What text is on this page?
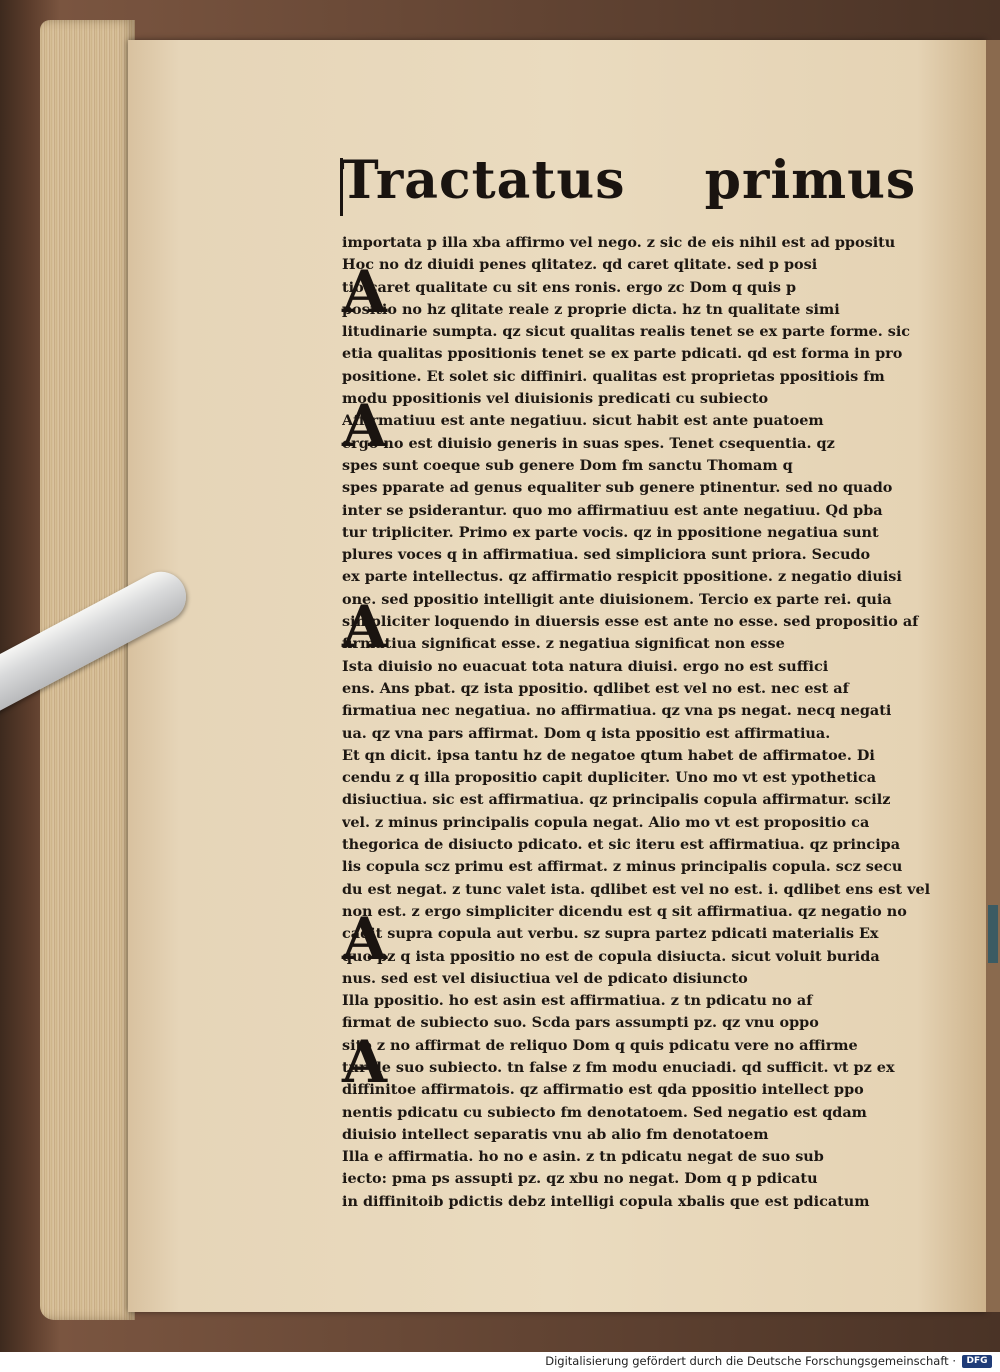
Tractatus primus
importata p illa xba affirmo vel nego. z sic de eis nihil est ad ppositu
Hoc no dz diuidi penes qlitatez. qd caret qlitate. sed p posi
tio caret qualitate cu sit ens ronis. ergo zc Dom q quis p
positio no hz qlitate reale z proprie dicta. hz tn qualitate simi
litudinarie sumpta. qz sicut qualitas realis tenet se ex parte forme. sic
etia qualitas ppositionis tenet se ex parte pdicati. qd est forma in pro
positione. Et solet sic diffiniri. qualitas est proprietas ppositiois fm
modu ppositionis vel diuisionis predicati cu subiecto
Affirmatiuu est ante negatiuu. sicut habit est ante puatoem
ergo no est diuisio generis in suas spes. Tenet csequentia. qz
spes sunt coeque sub genere Dom fm sanctu Thomam q
spes pparate ad genus equaliter sub genere ptinentur. sed no quado
inter se psiderantur. quo mo affirmatiuu est ante negatiuu. Qd pba
tur tripliciter. Primo ex parte vocis. qz in ppositione negatiua sunt
plures voces q in affirmatiua. sed simpliciora sunt priora. Secudo
ex parte intellectus. qz affirmatio respicit ppositione. z negatio diuisi
one. sed ppositio intelligit ante diuisionem. Tercio ex parte rei. quia
simpliciter loquendo in diuersis esse est ante no esse. sed propositio af
firmatiua significat esse. z negatiua significat non esse
Ista diuisio no euacuat tota natura diuisi. ergo no est suffici
ens. Ans pbat. qz ista ppositio. qdlibet est vel no est. nec est af
firmatiua nec negatiua. no affirmatiua. qz vna ps negat. necq negati
ua. qz vna pars affirmat. Dom q ista ppositio est affirmatiua.
Et qn dicit. ipsa tantu hz de negatoe qtum habet de affirmatoe. Di
cendu z q illa propositio capit dupliciter. Uno mo vt est ypothetica
disiuctiua. sic est affirmatiua. qz principalis copula affirmatur. scilz
vel. z minus principalis copula negat. Alio mo vt est propositio ca
thegorica de disiucto pdicato. et sic iteru est affirmatiua. qz principa
lis copula scz primu est affirmat. z minus principalis copula. scz secu
du est negat. z tunc valet ista. qdlibet est vel no est. i. qdlibet ens est vel
non est. z ergo simpliciter dicendu est q sit affirmatiua. qz negatio no
cadit supra copula aut verbu. sz supra partez pdicati materialis Ex
quo pz q ista ppositio no est de copula disiucta. sicut voluit burida
nus. sed est vel disiuctiua vel de pdicato disiuncto
Illa ppositio. ho est asin est affirmatiua. z tn pdicatu no af
firmat de subiecto suo. Scda pars assumpti pz. qz vnu oppo
sito z no affirmat de reliquo Dom q quis pdicatu vere no affirme
tur de suo subiecto. tn false z fm modu enuciadi. qd sufficit. vt pz ex
diffinitoe affirmatois. qz affirmatio est qda ppositio intellect ppo
nentis pdicatu cu subiecto fm denotatoem. Sed negatio est qdam
diuisio intellect separatis vnu ab alio fm denotatoem
Illa e affirmatia. ho no e asin. z tn pdicatu negat de suo sub
iecto: pma ps assupti pz. qz xbu no negat. Dom q p pdicatu
in diffinitoib pdictis debz intelligi copula xbalis que est pdicatum
A
A
A
A
A
Digitalisierung gefördert durch die Deutsche Forschungsgemeinschaft ·	DFG
